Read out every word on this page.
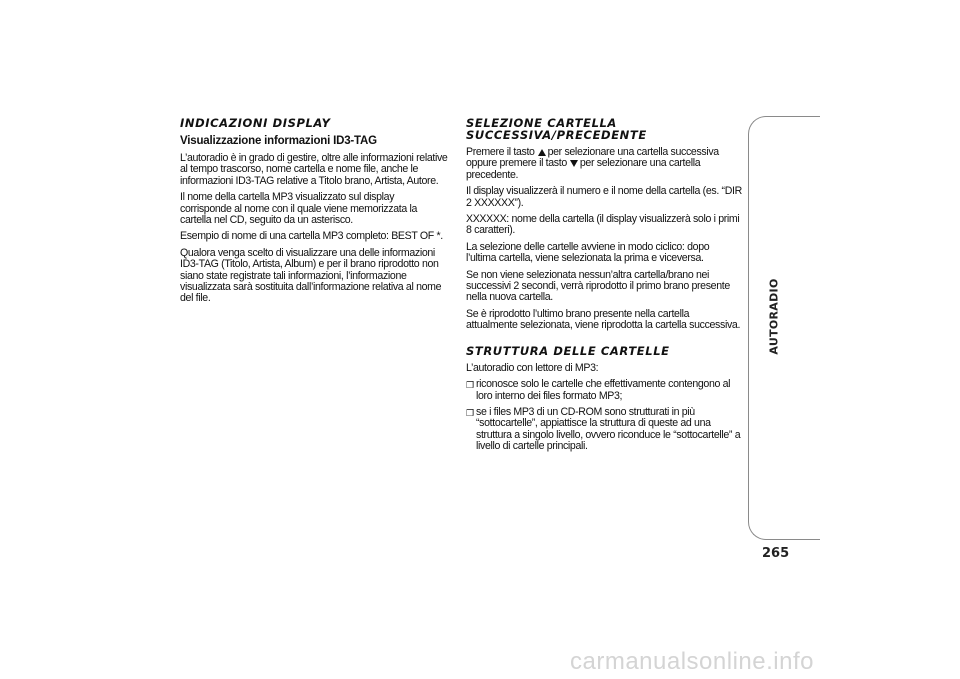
INDICAZIONI DISPLAY
Visualizzazione informazioni ID3-TAG
L’autoradio è in grado di gestire, oltre alle informazioni relative al tempo trascorso, nome cartella e nome file, anche le informazioni ID3-TAG relative a Titolo brano, Artista, Autore.
Il nome della cartella MP3 visualizzato sul display corrisponde al nome con il quale viene memorizzata la cartella nel CD, seguito da un asterisco.
Esempio di nome di una cartella MP3 completo: BEST OF *.
Qualora venga scelto di visualizzare una delle informazioni ID3-TAG (Titolo, Artista, Album) e per il brano riprodotto non siano state registrate tali informazioni, l’informazione visualizzata sarà sostituita dall’informazione relativa al nome del file.
SELEZIONE CARTELLA
SUCCESSIVA/PRECEDENTE
Premere il tasto per selezionare una cartella successiva oppure premere il tasto per selezionare una cartella precedente.
Il display visualizzerà il numero e il nome della cartella (es. “DIR 2 XXXXXX”).
XXXXXX: nome della cartella (il display visualizzerà solo i primi 8 caratteri).
La selezione delle cartelle avviene in modo ciclico: dopo l’ultima cartella, viene selezionata la prima e viceversa.
Se non viene selezionata nessun’altra cartella/brano nei successivi 2 secondi, verrà riprodotto il primo brano presente nella nuova cartella.
Se è riprodotto l’ultimo brano presente nella cartella attualmente selezionata, viene riprodotta la cartella successiva.
STRUTTURA DELLE CARTELLE
L’autoradio con lettore di MP3:
❒ riconosce solo le cartelle che effettivamente contengono al loro interno dei files formato MP3;
❒ se i files MP3 di un CD-ROM sono strutturati in più “sottocartelle”, appiattisce la struttura di queste ad una struttura a singolo livello, ovvero riconduce le “sottocartelle” a livello di cartelle principali.
AUTORADIO
265
carmanualsonline.info
